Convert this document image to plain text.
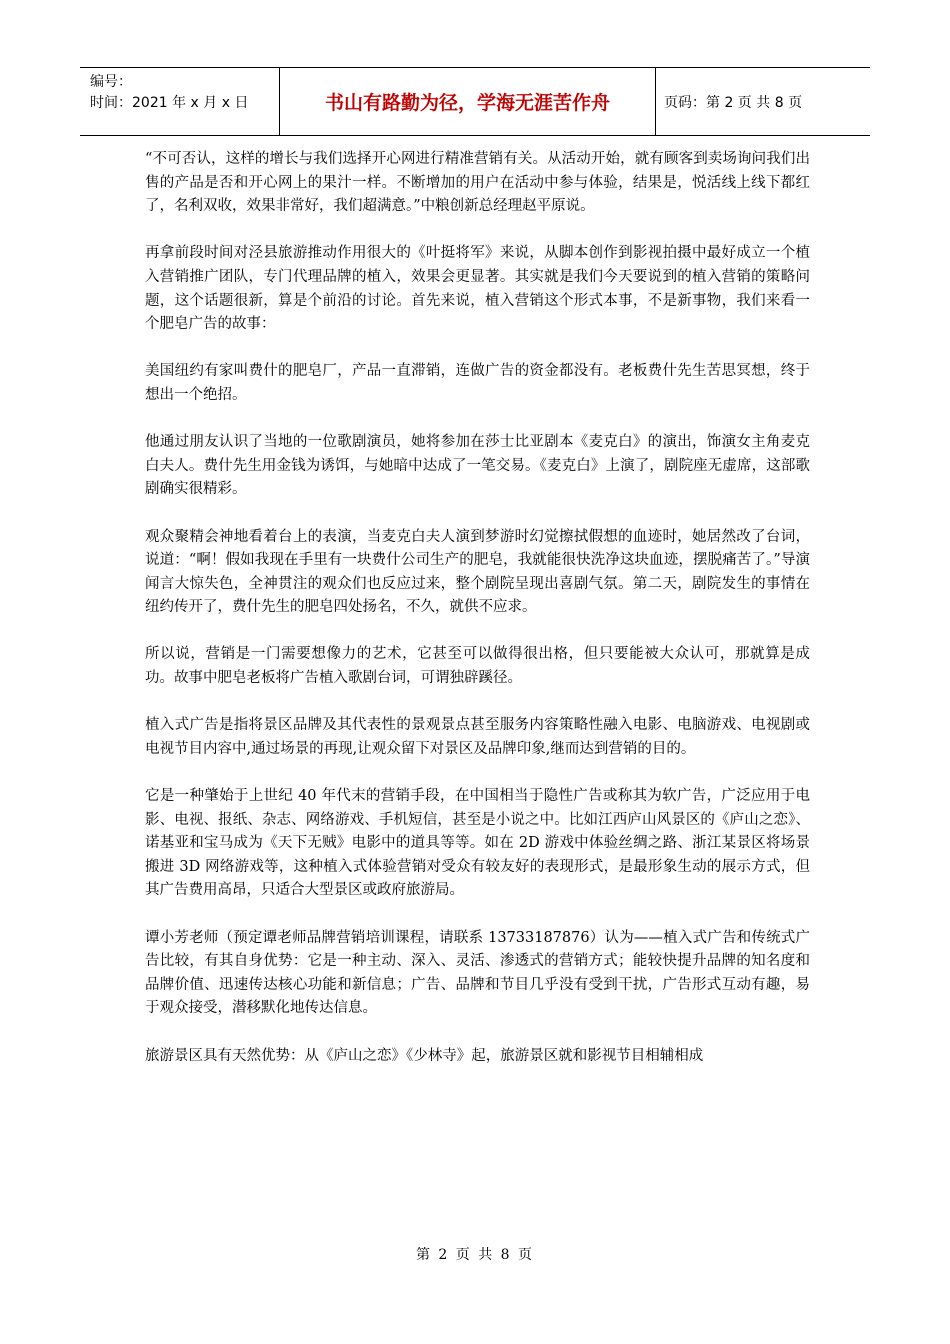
编号：
时间：2021 年 x 月 x 日	书山有路勤为径，学海无涯苦作舟	页码：第 2 页 共 8 页

“不可否认，这样的增长与我们选择开心网进行精准营销有关。从活动开始，就有顾客到卖场询问我们出售的产品是否和开心网上的果汁一样。不断增加的用户在活动中参与体验，结果是，悦活线上线下都红了，名利双收，效果非常好，我们超满意。”中粮创新总经理赵平原说。

再拿前段时间对泾县旅游推动作用很大的《叶挺将军》来说，从脚本创作到影视拍摄中最好成立一个植入营销推广团队，专门代理品牌的植入，效果会更显著。其实就是我们今天要说到的植入营销的策略问题，这个话题很新，算是个前沿的讨论。首先来说，植入营销这个形式本事，不是新事物，我们来看一个肥皂广告的故事：

美国纽约有家叫费什的肥皂厂，产品一直滞销，连做广告的资金都没有。老板费什先生苦思冥想，终于想出一个绝招。

他通过朋友认识了当地的一位歌剧演员，她将参加在莎士比亚剧本《麦克白》的演出，饰演女主角麦克白夫人。费什先生用金钱为诱饵，与她暗中达成了一笔交易。《麦克白》上演了，剧院座无虚席，这部歌剧确实很精彩。

观众聚精会神地看着台上的表演，当麦克白夫人演到梦游时幻觉擦拭假想的血迹时，她居然改了台词，说道：“啊！假如我现在手里有一块费什公司生产的肥皂，我就能很快洗净这块血迹，摆脱痛苦了。”导演闻言大惊失色，全神贯注的观众们也反应过来，整个剧院呈现出喜剧气氛。第二天，剧院发生的事情在纽约传开了，费什先生的肥皂四处扬名，不久，就供不应求。

所以说，营销是一门需要想像力的艺术，它甚至可以做得很出格，但只要能被大众认可，那就算是成功。故事中肥皂老板将广告植入歌剧台词，可谓独辟蹊径。

植入式广告是指将景区品牌及其代表性的景观景点甚至服务内容策略性融入电影、电脑游戏、电视剧或电视节目内容中,通过场景的再现,让观众留下对景区及品牌印象,继而达到营销的目的。

它是一种肇始于上世纪 40 年代末的营销手段，在中国相当于隐性广告或称其为软广告，广泛应用于电影、电视、报纸、杂志、网络游戏、手机短信，甚至是小说之中。比如江西庐山风景区的《庐山之恋》、诺基亚和宝马成为《天下无贼》电影中的道具等等。如在 2D 游戏中体验丝绸之路、浙江某景区将场景搬进 3D 网络游戏等，这种植入式体验营销对受众有较友好的表现形式，是最形象生动的展示方式，但其广告费用高昂，只适合大型景区或政府旅游局。

谭小芳老师（预定谭老师品牌营销培训课程，请联系 13733187876）认为——植入式广告和传统式广告比较，有其自身优势：它是一种主动、深入、灵活、渗透式的营销方式；能较快提升品牌的知名度和品牌价值、迅速传达核心功能和新信息；广告、品牌和节目几乎没有受到干扰，广告形式互动有趣，易于观众接受，潜移默化地传达信息。

旅游景区具有天然优势：从《庐山之恋》《少林寺》起，旅游景区就和影视节目相辅相成

第 2 页 共 8 页
